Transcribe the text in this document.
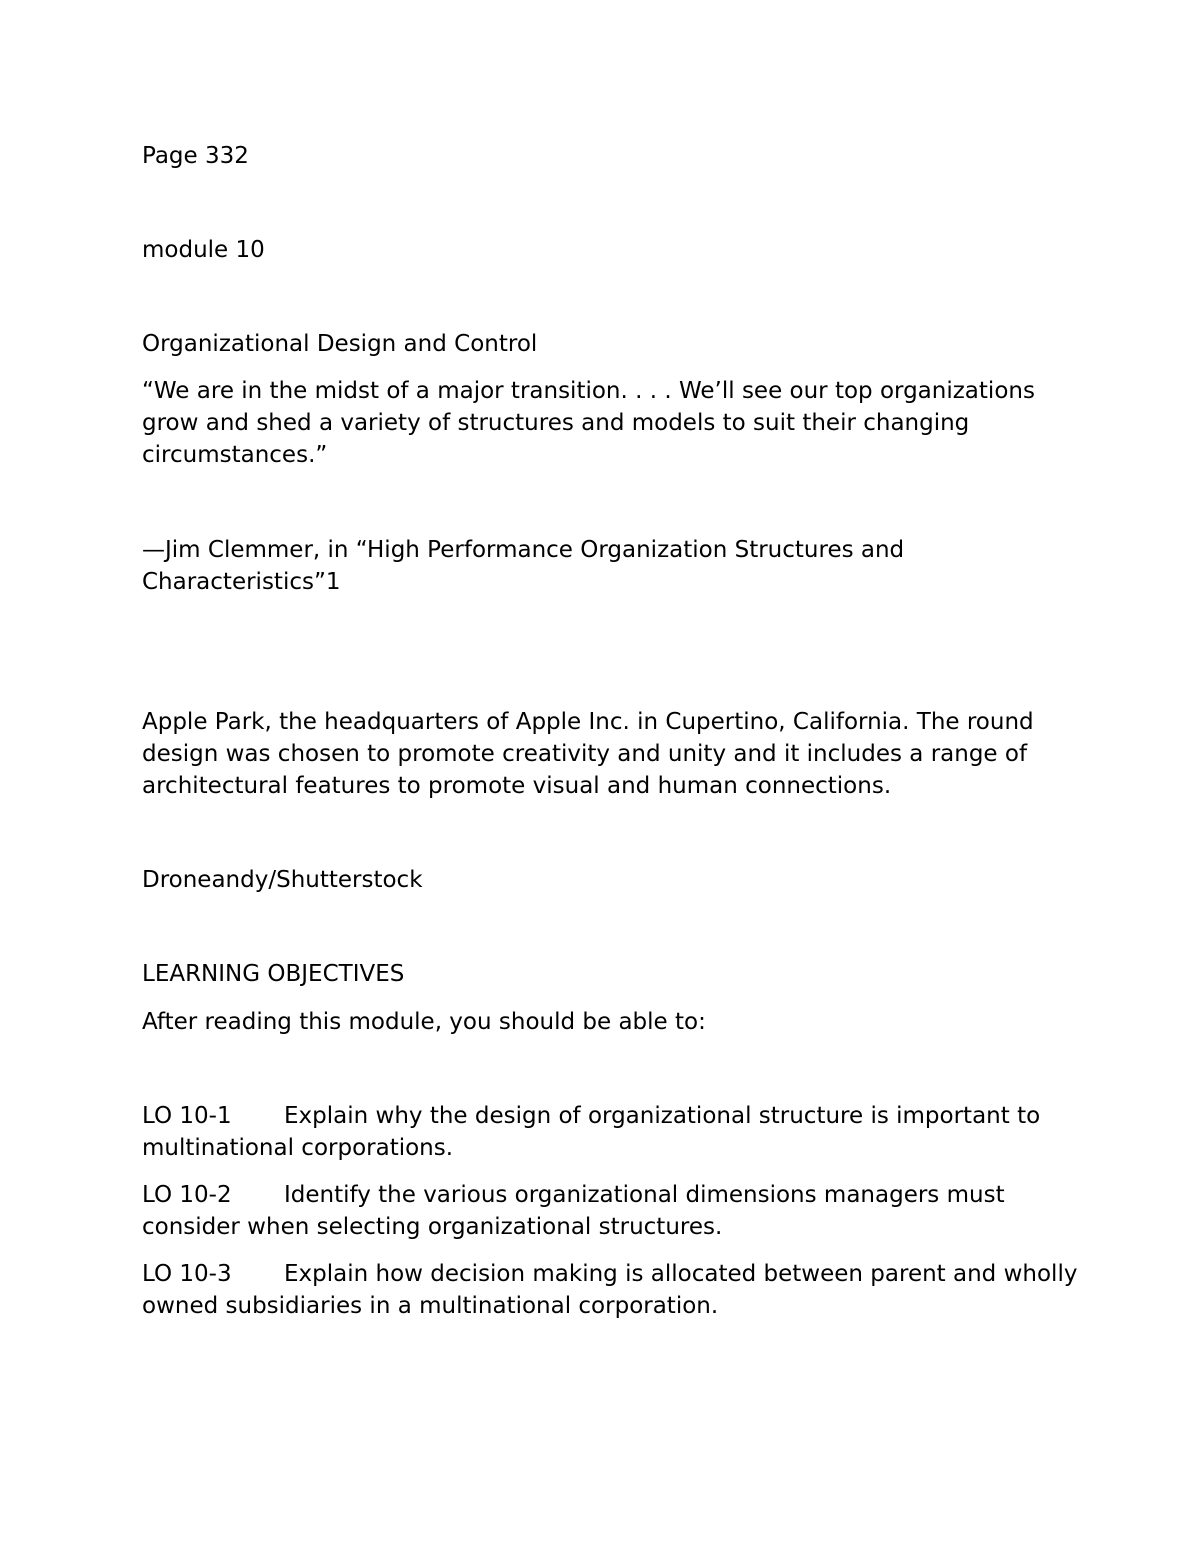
Page 332

module 10

Organizational Design and Control

“We are in the midst of a major transition. . . . We’ll see our top organizations grow and shed a variety of structures and models to suit their changing circumstances.”

—Jim Clemmer, in “High Performance Organization Structures and Characteristics”1

Apple Park, the headquarters of Apple Inc. in Cupertino, California. The round design was chosen to promote creativity and unity and it includes a range of architectural features to promote visual and human connections.

Droneandy/Shutterstock

LEARNING OBJECTIVES

After reading this module, you should be able to:

LO 10-1 Explain why the design of organizational structure is important to multinational corporations.
LO 10-2 Identify the various organizational dimensions managers must consider when selecting organizational structures.
LO 10-3 Explain how decision making is allocated between parent and wholly owned subsidiaries in a multinational corporation.
